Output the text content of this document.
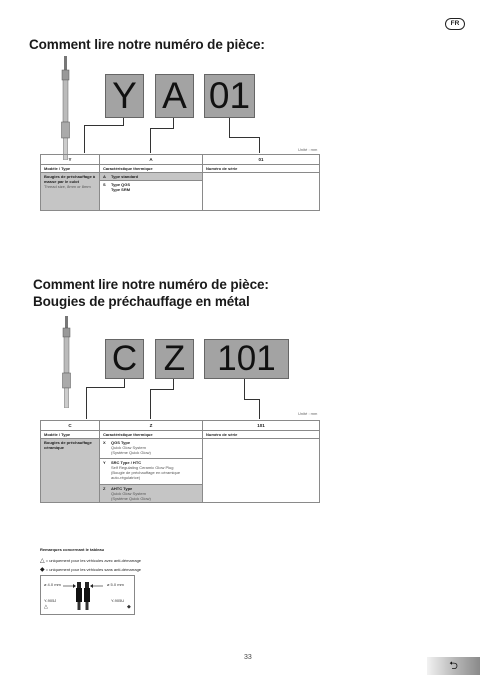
FR
Comment lire notre numéro de pièce:
Y A 01
Unité : mm
Y	A	01
Modèle / Type	Caractéristique thermique	Numéro de série

Bougies de préchauffage à masse par le culot
Thread size, 8mm or 8mm	A Type standard	
	S Type QGS
Type SRM	
Comment lire notre numéro de pièce:
Bougies de préchauffage en métal
C Z 101
Unité : mm
C	Z	101
Modèle / Type	Caractéristique thermique	Numéro de série

Bougies de préchauffage céramique	X QGS Type
Quick Glow System
(Système Quick Glow)	

	Y SRC Type / HTC
Self Regulating Ceramic Glow Plug
(Bougie de préchauffage en céramique
auto-régulatrice)	

	Z AHTC Type
Quick Glow System
(Système Quick Glow)	
Remarques concernant le tableau
△ = uniquement pour les véhicules avec anti-démarrage
◆ = uniquement pour les véhicules sans anti-démarrage
ø 4.0 mm	ø 5.0 mm
Y-905J	Y-905U
△	◆
33
⮌
